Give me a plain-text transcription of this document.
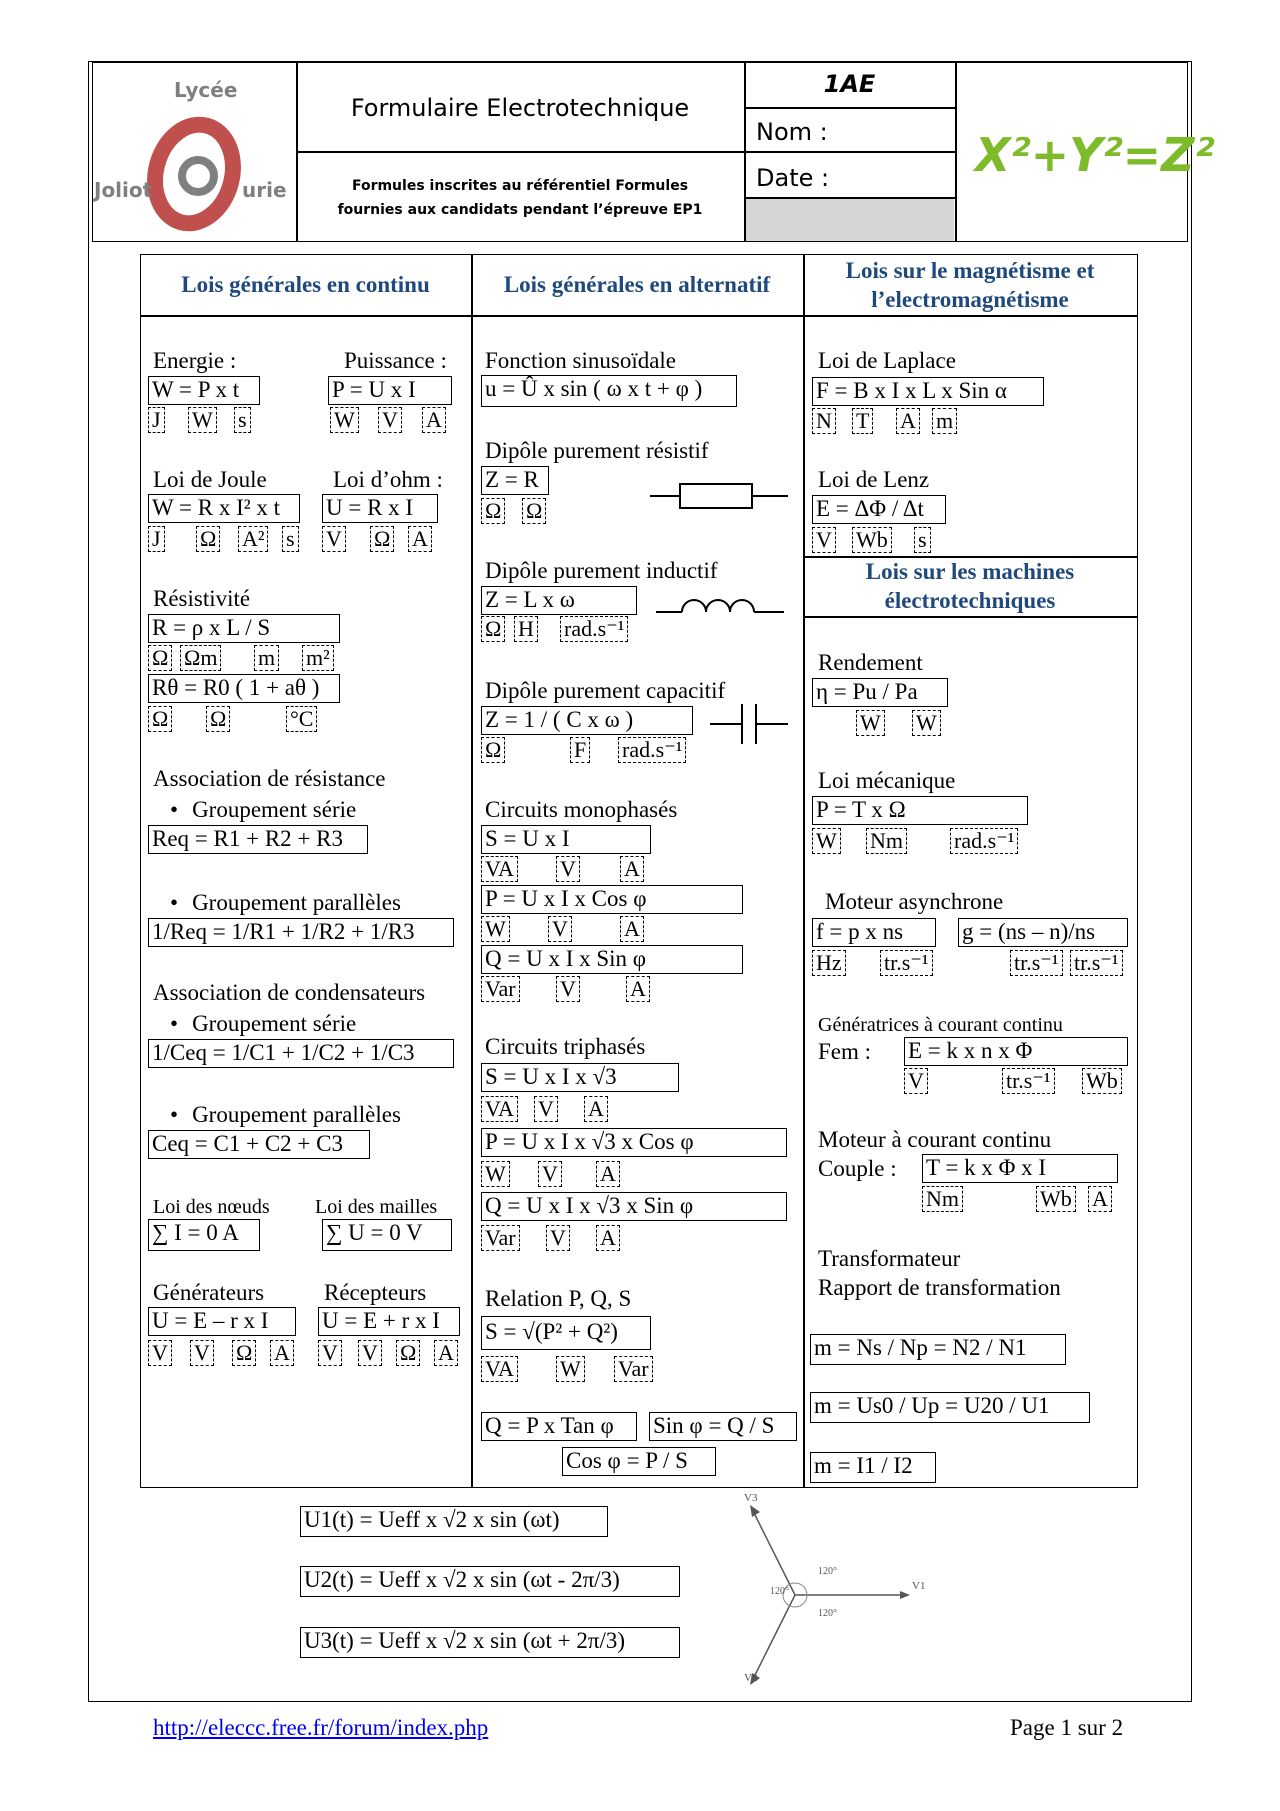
Lycée
Joliot	urie
Formulaire Electrotechnique
Formules inscrites au référentiel Formules fournies aux candidats pendant l’épreuve EP1
1AE
Nom :
Date :	X²+Y²=Z²
Lois générales en continu	Lois générales en alternatif
Lois sur le magnétisme et l’electromagnétisme
Lois sur les machines électrotechniques
Energie :	Puissance :
W = P x t	P = U x I
J W s	W V A
Loi de Joule	Loi d’ohm :
W = R x I² x t	U = R x I
J Ω A² s V Ω A
Résistivité
R = ρ x L / S
Ω Ωm m m²
Rθ = R0 ( 1 + aθ )
Ω Ω	°C
Association de résistance
• Groupement série
Req = R1 + R2 + R3
• Groupement parallèles
1/Req = 1/R1 + 1/R2 + 1/R3
Association de condensateurs
• Groupement série
1/Ceq = 1/C1 + 1/C2 + 1/C3
• Groupement parallèles
Ceq = C1 + C2 + C3
Loi des nœuds Loi des mailles
∑ I = 0 A	∑ U = 0 V
Générateurs	Récepteurs
U = E – r x I	U = E + r x I
V V Ω A V V Ω A
Fonction sinusoïdale
u = Û x sin ( ω x t + φ )
Dipôle purement résistif
Z = R
Ω Ω
Dipôle purement inductif
Z = L x ω
Ω H rad.s⁻¹
Dipôle purement capacitif
Z = 1 / ( C x ω )
Ω	F rad.s⁻¹
Circuits monophasés
S = U x I
VA V A
P = U x I x Cos φ
W V	A
Q = U x I x Sin φ
Var V A
Circuits triphasés
S = U x I x √3
VA V A
P = U x I x √3 x Cos φ
W V A
Q = U x I x √3 x Sin φ
Var V A
Relation P, Q, S
S = √(P² + Q²)
VA W Var
Q = P x Tan φ	Sin φ = Q / S
Cos φ = P / S
Loi de Laplace
F = B x I x L x Sin α
N T A m
Loi de Lenz
E = ΔΦ / Δt
V Wb s
Rendement
η = Pu / Pa
W W
Loi mécanique
P = T x Ω
W Nm rad.s⁻¹
Moteur asynchrone
f = p x ns	g = (ns – n)/ns
Hz tr.s⁻¹	tr.s⁻¹ tr.s⁻¹
Génératrices à courant continu
Fem : E = k x n x Φ
V	tr.s⁻¹ Wb
Moteur à courant continu
Couple : T = k x Φ x I
Nm	Wb A
Transformateur
Rapport de transformation
m = Ns / Np = N2 / N1
m = Us0 / Up = U20 / U1
m = I1 / I2
U1(t) = Ueff x √2 x sin (ωt)
U2(t) = Ueff x √2 x sin (ωt - 2π/3)
U3(t) = Ueff x √2 x sin (ωt + 2π/3)
V1
V3
V2
120°
120°
120°
http://eleccc.free.fr/forum/index.php	Page 1 sur 2
